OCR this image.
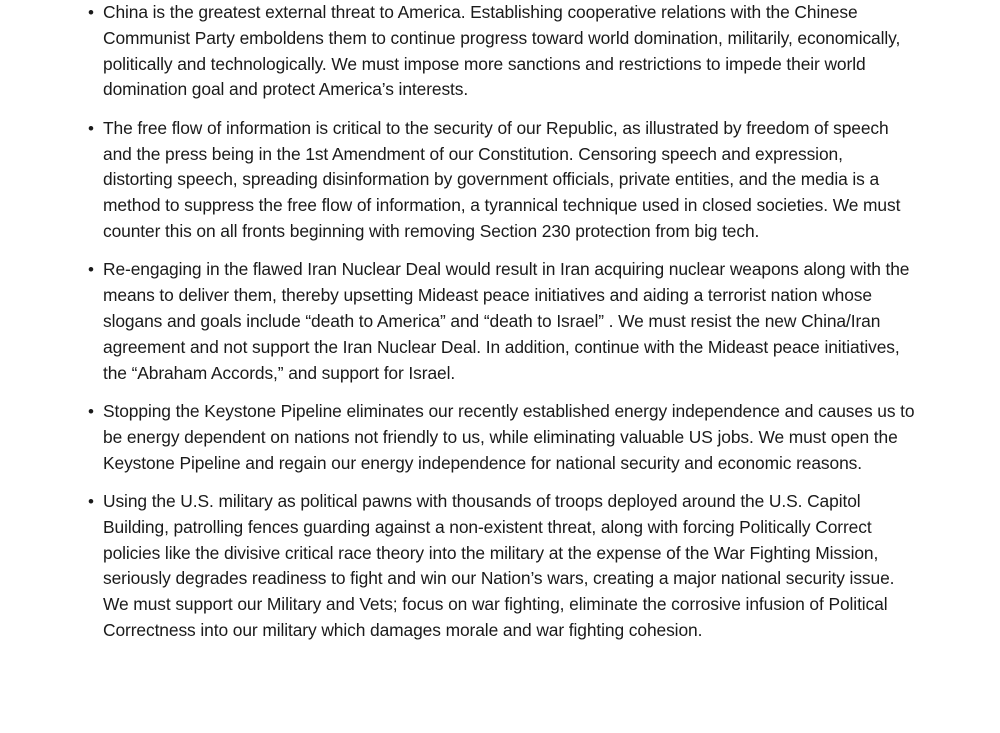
• China is the greatest external threat to America. Establishing cooperative relations with the Chinese Communist Party emboldens them to continue progress toward world domination, militarily, economically, politically and technologically. We must impose more sanctions and restrictions to impede their world domination goal and protect America’s interests.
• The free flow of information is critical to the security of our Republic, as illustrated by freedom of speech and the press being in the 1st Amendment of our Constitution. Censoring speech and expression, distorting speech, spreading disinformation by government officials, private entities, and the media is a method to suppress the free flow of information, a tyrannical technique used in closed societies. We must counter this on all fronts beginning with removing Section 230 protection from big tech.
• Re-engaging in the flawed Iran Nuclear Deal would result in Iran acquiring nuclear weapons along with the means to deliver them, thereby upsetting Mideast peace initiatives and aiding a terrorist nation whose slogans and goals include “death to America” and “death to Israel” . We must resist the new China/Iran agreement and not support the Iran Nuclear Deal. In addition, continue with the Mideast peace initiatives, the “Abraham Accords,” and support for Israel.
• Stopping the Keystone Pipeline eliminates our recently established energy independence and causes us to be energy dependent on nations not friendly to us, while eliminating valuable US jobs. We must open the Keystone Pipeline and regain our energy independence for national security and economic reasons.
• Using the U.S. military as political pawns with thousands of troops deployed around the U.S. Capitol Building, patrolling fences guarding against a non-existent threat, along with forcing Politically Correct policies like the divisive critical race theory into the military at the expense of the War Fighting Mission, seriously degrades readiness to fight and win our Nation’s wars, creating a major national security issue. We must support our Military and Vets; focus on war fighting, eliminate the corrosive infusion of Political Correctness into our military which damages morale and war fighting cohesion.
